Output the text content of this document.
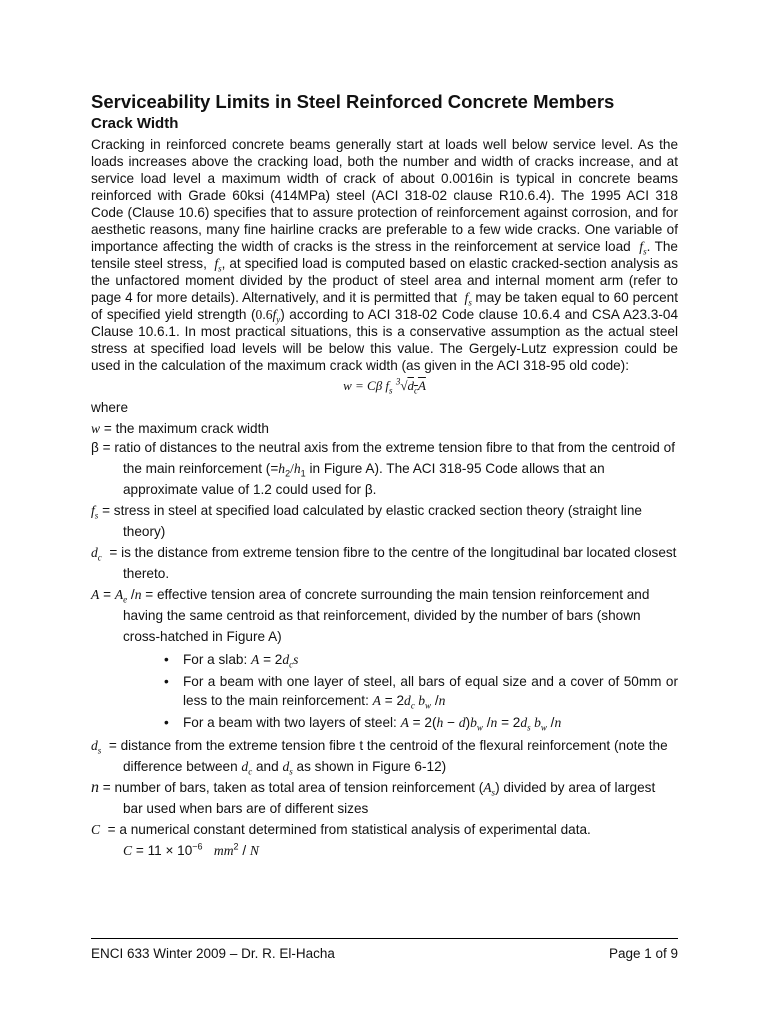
Serviceability Limits in Steel Reinforced Concrete Members
Crack Width

Cracking in reinforced concrete beams generally start at loads well below service level. As the loads increases above the cracking load, both the number and width of cracks increase, and at service load level a maximum width of crack of about 0.0016in is typical in concrete beams reinforced with Grade 60ksi (414MPa) steel (ACI 318-02 clause R10.6.4). The 1995 ACI 318 Code (Clause 10.6) specifies that to assure protection of reinforcement against corrosion, and for aesthetic reasons, many fine hairline cracks are preferable to a few wide cracks. One variable of importance affecting the width of cracks is the stress in the reinforcement at service load  $f_s$. The tensile steel stress,  $f_s$, at specified load is computed based on elastic cracked-section analysis as the unfactored moment divided by the product of steel area and internal moment arm (refer to page 4 for more details). Alternatively, and it is permitted that  $f_s$ may be taken equal to 60 percent of specified yield strength $(0.6f_y)$ according to ACI 318-02 Code clause 10.6.4 and CSA A23.3-04 Clause 10.6.1. In most practical situations, this is a conservative assumption as the actual steel stress at specified load levels will be below this value. The Gergely-Lutz expression could be used in the calculation of the maximum crack width (as given in the ACI 318-95 old code):

w = Cβ $f_s$ $^3√d_cA$

where

w = the maximum crack width

β = ratio of distances to the neutral axis from the extreme tension fibre to that from the centroid of the main reinforcement ($=h_2/h_1$ in Figure A). The ACI 318-95 Code allows that an approximate value of 1.2 could used for β.

$f_s$ = stress in steel at specified load calculated by elastic cracked section theory (straight line theory)

$d_c$ = is the distance from extreme tension fibre to the centre of the longitudinal bar located closest thereto.

$A = A_e$ /n = effective tension area of concrete surrounding the main tension reinforcement and having the same centroid as that reinforcement, divided by the number of bars (shown cross-hatched in Figure A)

• For a slab: $A = 2d_cs$
• For a beam with one layer of steel, all bars of equal size and a cover of 50mm or less to the main reinforcement: $A = 2d_c$ $b_w$ /n
• For a beam with two layers of steel: $A = 2(h - d)b_w$ $/n = 2d_s$ $b_w$ /n

$d_s$ = distance from the extreme tension fibre t the centroid of the flexural reinforcement (note the difference between $d_c$ and $d_s$ as shown in Figure 6-12)

n = number of bars, taken as total area of tension reinforcement $(A_s)$ divided by area of largest bar used when bars are of different sizes

C = a numerical constant determined from statistical analysis of experimental data.
$C = 11 \times 10^{-6}$ $mm^2$ / N

ENCI 633 Winter 2009 – Dr. R. El-Hacha	Page 1 of 9
